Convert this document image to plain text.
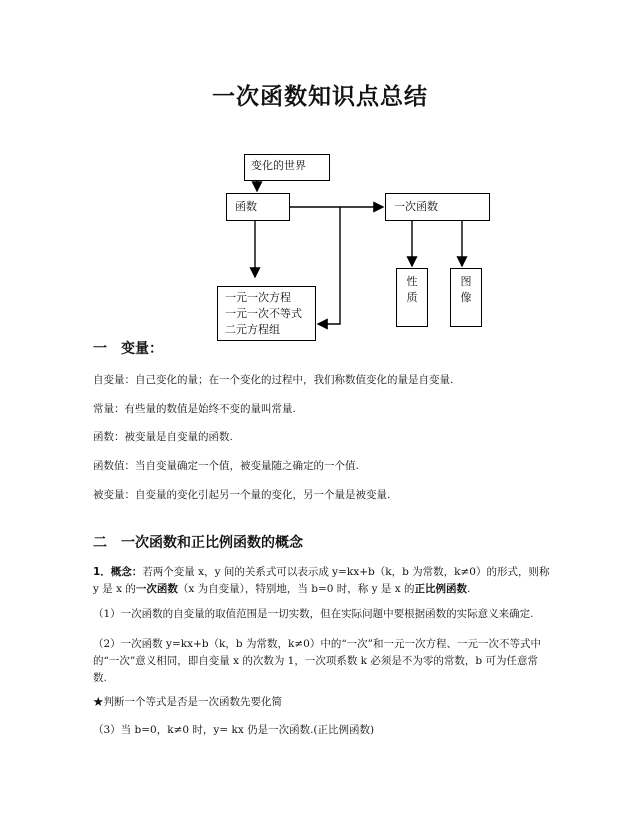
一次函数知识点总结
变化的世界
函数	一次函数
一元一次方程
一元一次不等式
二元方程组
性
质
图
像
一　变量：
自变量：自己变化的量；在一个变化的过程中，我们称数值变化的量是自变量.
常量：有些量的数值是始终不变的量叫常量.
函数：被变量是自变量的函数.
函数值：当自变量确定一个值，被变量随之确定的一个值.
被变量：自变量的变化引起另一个量的变化，另一个量是被变量.
二　一次函数和正比例函数的概念
1．概念：若两个变量 x，y 间的关系式可以表示成 y=kx+b（k，b 为常数，k≠0）的形式，则称 y 是 x 的一次函数（x 为自变量），特别地，当 b=0 时，称 y 是 x 的正比例函数.
（1）一次函数的自变量的取值范围是一切实数，但在实际问题中要根据函数的实际意义来确定.
（2）一次函数 y=kx+b（k，b 为常数，k≠0）中的“一次”和一元一次方程、一元一次不等式中的“一次”意义相同，即自变量 x 的次数为 1，一次项系数 k 必须是不为零的常数，b 可为任意常数.
★判断一个等式是否是一次函数先要化简
（3）当 b=0，k≠0 时，y= kx 仍是一次函数.(正比例函数)
